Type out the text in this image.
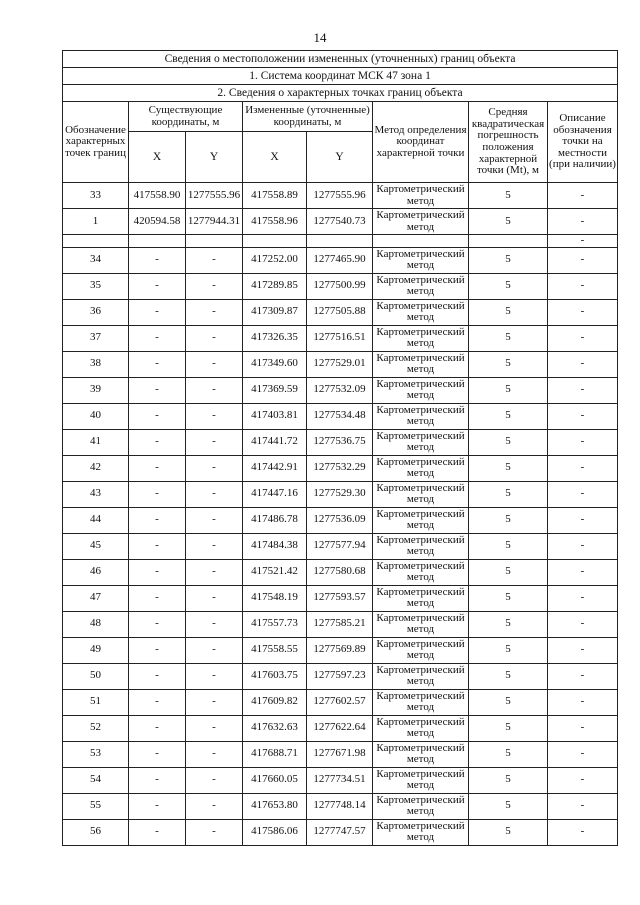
14
Сведения о местоположении измененных (уточненных) границ объекта							
1. Система координат МСК 47 зона 1							
2. Сведения о характерных точках границ объекта							
Обозначение характерных точек границ	Существующие координаты, м		Измененные (уточненные) координаты, м		Метод определения координат характерной точки	Средняя квадратическая погрешность положения характерной точки (Mt), м	Описание обозначения точки на местности (при наличии)
	X	Y	X	Y			
33	417558.90	1277555.96	417558.89	1277555.96	Картометрический метод	5	-
1	420594.58	1277944.31	417558.96	1277540.73	Картометрический метод	5	-
							-
34	-	-	417252.00	1277465.90	Картометрический метод	5	-
35	-	-	417289.85	1277500.99	Картометрический метод	5	-
36	-	-	417309.87	1277505.88	Картометрический метод	5	-
37	-	-	417326.35	1277516.51	Картометрический метод	5	-
38	-	-	417349.60	1277529.01	Картометрический метод	5	-
39	-	-	417369.59	1277532.09	Картометрический метод	5	-
40	-	-	417403.81	1277534.48	Картометрический метод	5	-
41	-	-	417441.72	1277536.75	Картометрический метод	5	-
42	-	-	417442.91	1277532.29	Картометрический метод	5	-
43	-	-	417447.16	1277529.30	Картометрический метод	5	-
44	-	-	417486.78	1277536.09	Картометрический метод	5	-
45	-	-	417484.38	1277577.94	Картометрический метод	5	-
46	-	-	417521.42	1277580.68	Картометрический метод	5	-
47	-	-	417548.19	1277593.57	Картометрический метод	5	-
48	-	-	417557.73	1277585.21	Картометрический метод	5	-
49	-	-	417558.55	1277569.89	Картометрический метод	5	-
50	-	-	417603.75	1277597.23	Картометрический метод	5	-
51	-	-	417609.82	1277602.57	Картометрический метод	5	-
52	-	-	417632.63	1277622.64	Картометрический метод	5	-
53	-	-	417688.71	1277671.98	Картометрический метод	5	-
54	-	-	417660.05	1277734.51	Картометрический метод	5	-
55	-	-	417653.80	1277748.14	Картометрический метод	5	-
56	-	-	417586.06	1277747.57	Картометрический метод	5	-
